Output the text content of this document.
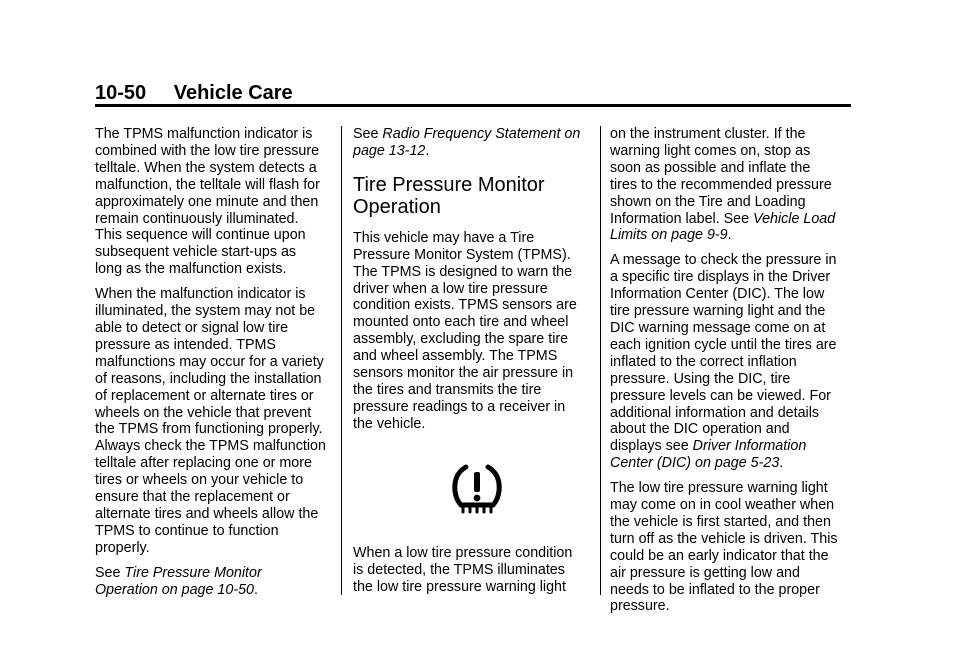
10-50 Vehicle Care

The TPMS malfunction indicator is
combined with the low tire pressure
telltale. When the system detects a
malfunction, the telltale will flash for
approximately one minute and then
remain continuously illuminated.
This sequence will continue upon
subsequent vehicle start-ups as
long as the malfunction exists.

When the malfunction indicator is
illuminated, the system may not be
able to detect or signal low tire
pressure as intended. TPMS
malfunctions may occur for a variety
of reasons, including the installation
of replacement or alternate tires or
wheels on the vehicle that prevent
the TPMS from functioning properly.
Always check the TPMS malfunction
telltale after replacing one or more
tires or wheels on your vehicle to
ensure that the replacement or
alternate tires and wheels allow the
TPMS to continue to function
properly.

See Tire Pressure Monitor
Operation on page 10-50.

See Radio Frequency Statement on
page 13-12.

Tire Pressure Monitor
Operation

This vehicle may have a Tire
Pressure Monitor System (TPMS).
The TPMS is designed to warn the
driver when a low tire pressure
condition exists. TPMS sensors are
mounted onto each tire and wheel
assembly, excluding the spare tire
and wheel assembly. The TPMS
sensors monitor the air pressure in
the tires and transmits the tire
pressure readings to a receiver in
the vehicle.

When a low tire pressure condition
is detected, the TPMS illuminates
the low tire pressure warning light

on the instrument cluster. If the
warning light comes on, stop as
soon as possible and inflate the
tires to the recommended pressure
shown on the Tire and Loading
Information label. See Vehicle Load
Limits on page 9-9.

A message to check the pressure in
a specific tire displays in the Driver
Information Center (DIC). The low
tire pressure warning light and the
DIC warning message come on at
each ignition cycle until the tires are
inflated to the correct inflation
pressure. Using the DIC, tire
pressure levels can be viewed. For
additional information and details
about the DIC operation and
displays see Driver Information
Center (DIC) on page 5-23.

The low tire pressure warning light
may come on in cool weather when
the vehicle is first started, and then
turn off as the vehicle is driven. This
could be an early indicator that the
air pressure is getting low and
needs to be inflated to the proper
pressure.
